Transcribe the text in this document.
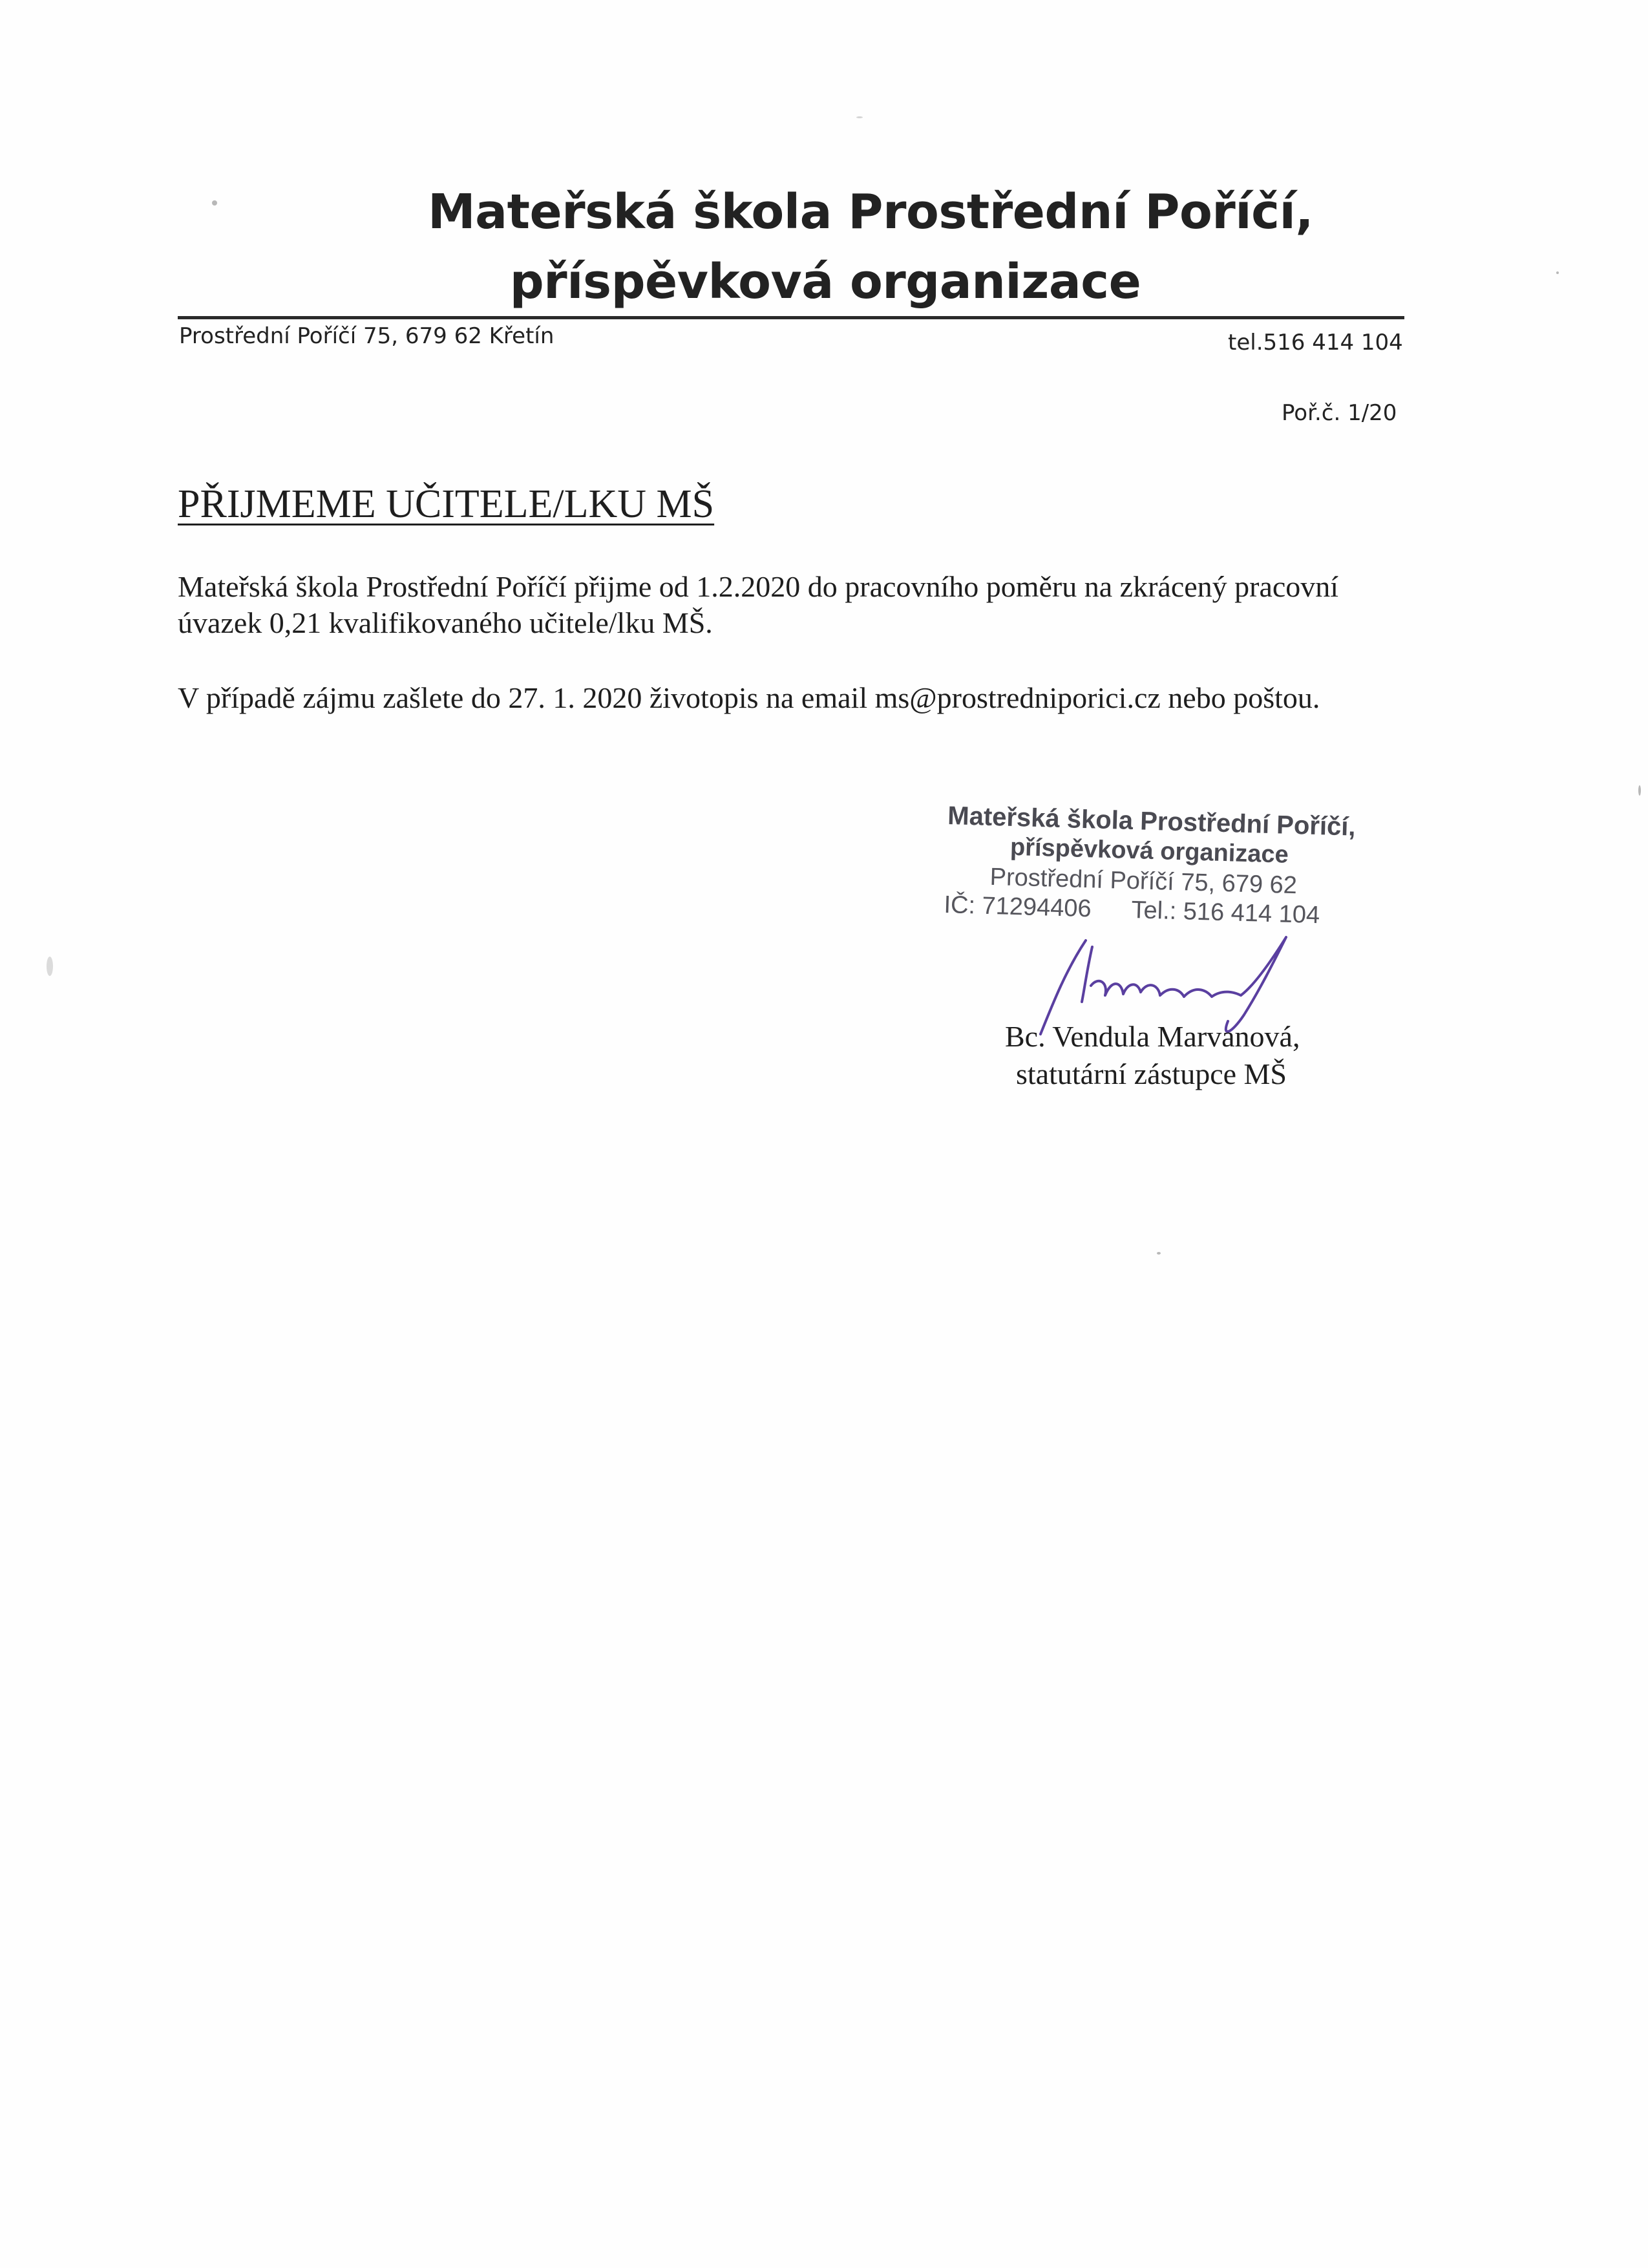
Mateřská škola Prostřední Poříčí,
příspěvková organizace
Prostřední Poříčí 75, 679 62 Křetín	tel.516 414 104
Poř.č. 1/20
PŘIJMEME UČITELE/LKU MŠ

Mateřská škola Prostřední Poříčí přijme od 1.2.2020 do pracovního poměru na zkrácený pracovní úvazek 0,21 kvalifikovaného učitele/lku MŠ.

V případě zájmu zašlete do 27. 1. 2020 životopis na email ms@prostredniporici.cz nebo poštou.

Mateřská škola Prostřední Poříčí,
příspěvková organizace
Prostřední Poříčí 75, 679 62
IČ: 71294406 Tel.: 516 414 104
Bc. Vendula Marvanová,
statutární zástupce MŠ
